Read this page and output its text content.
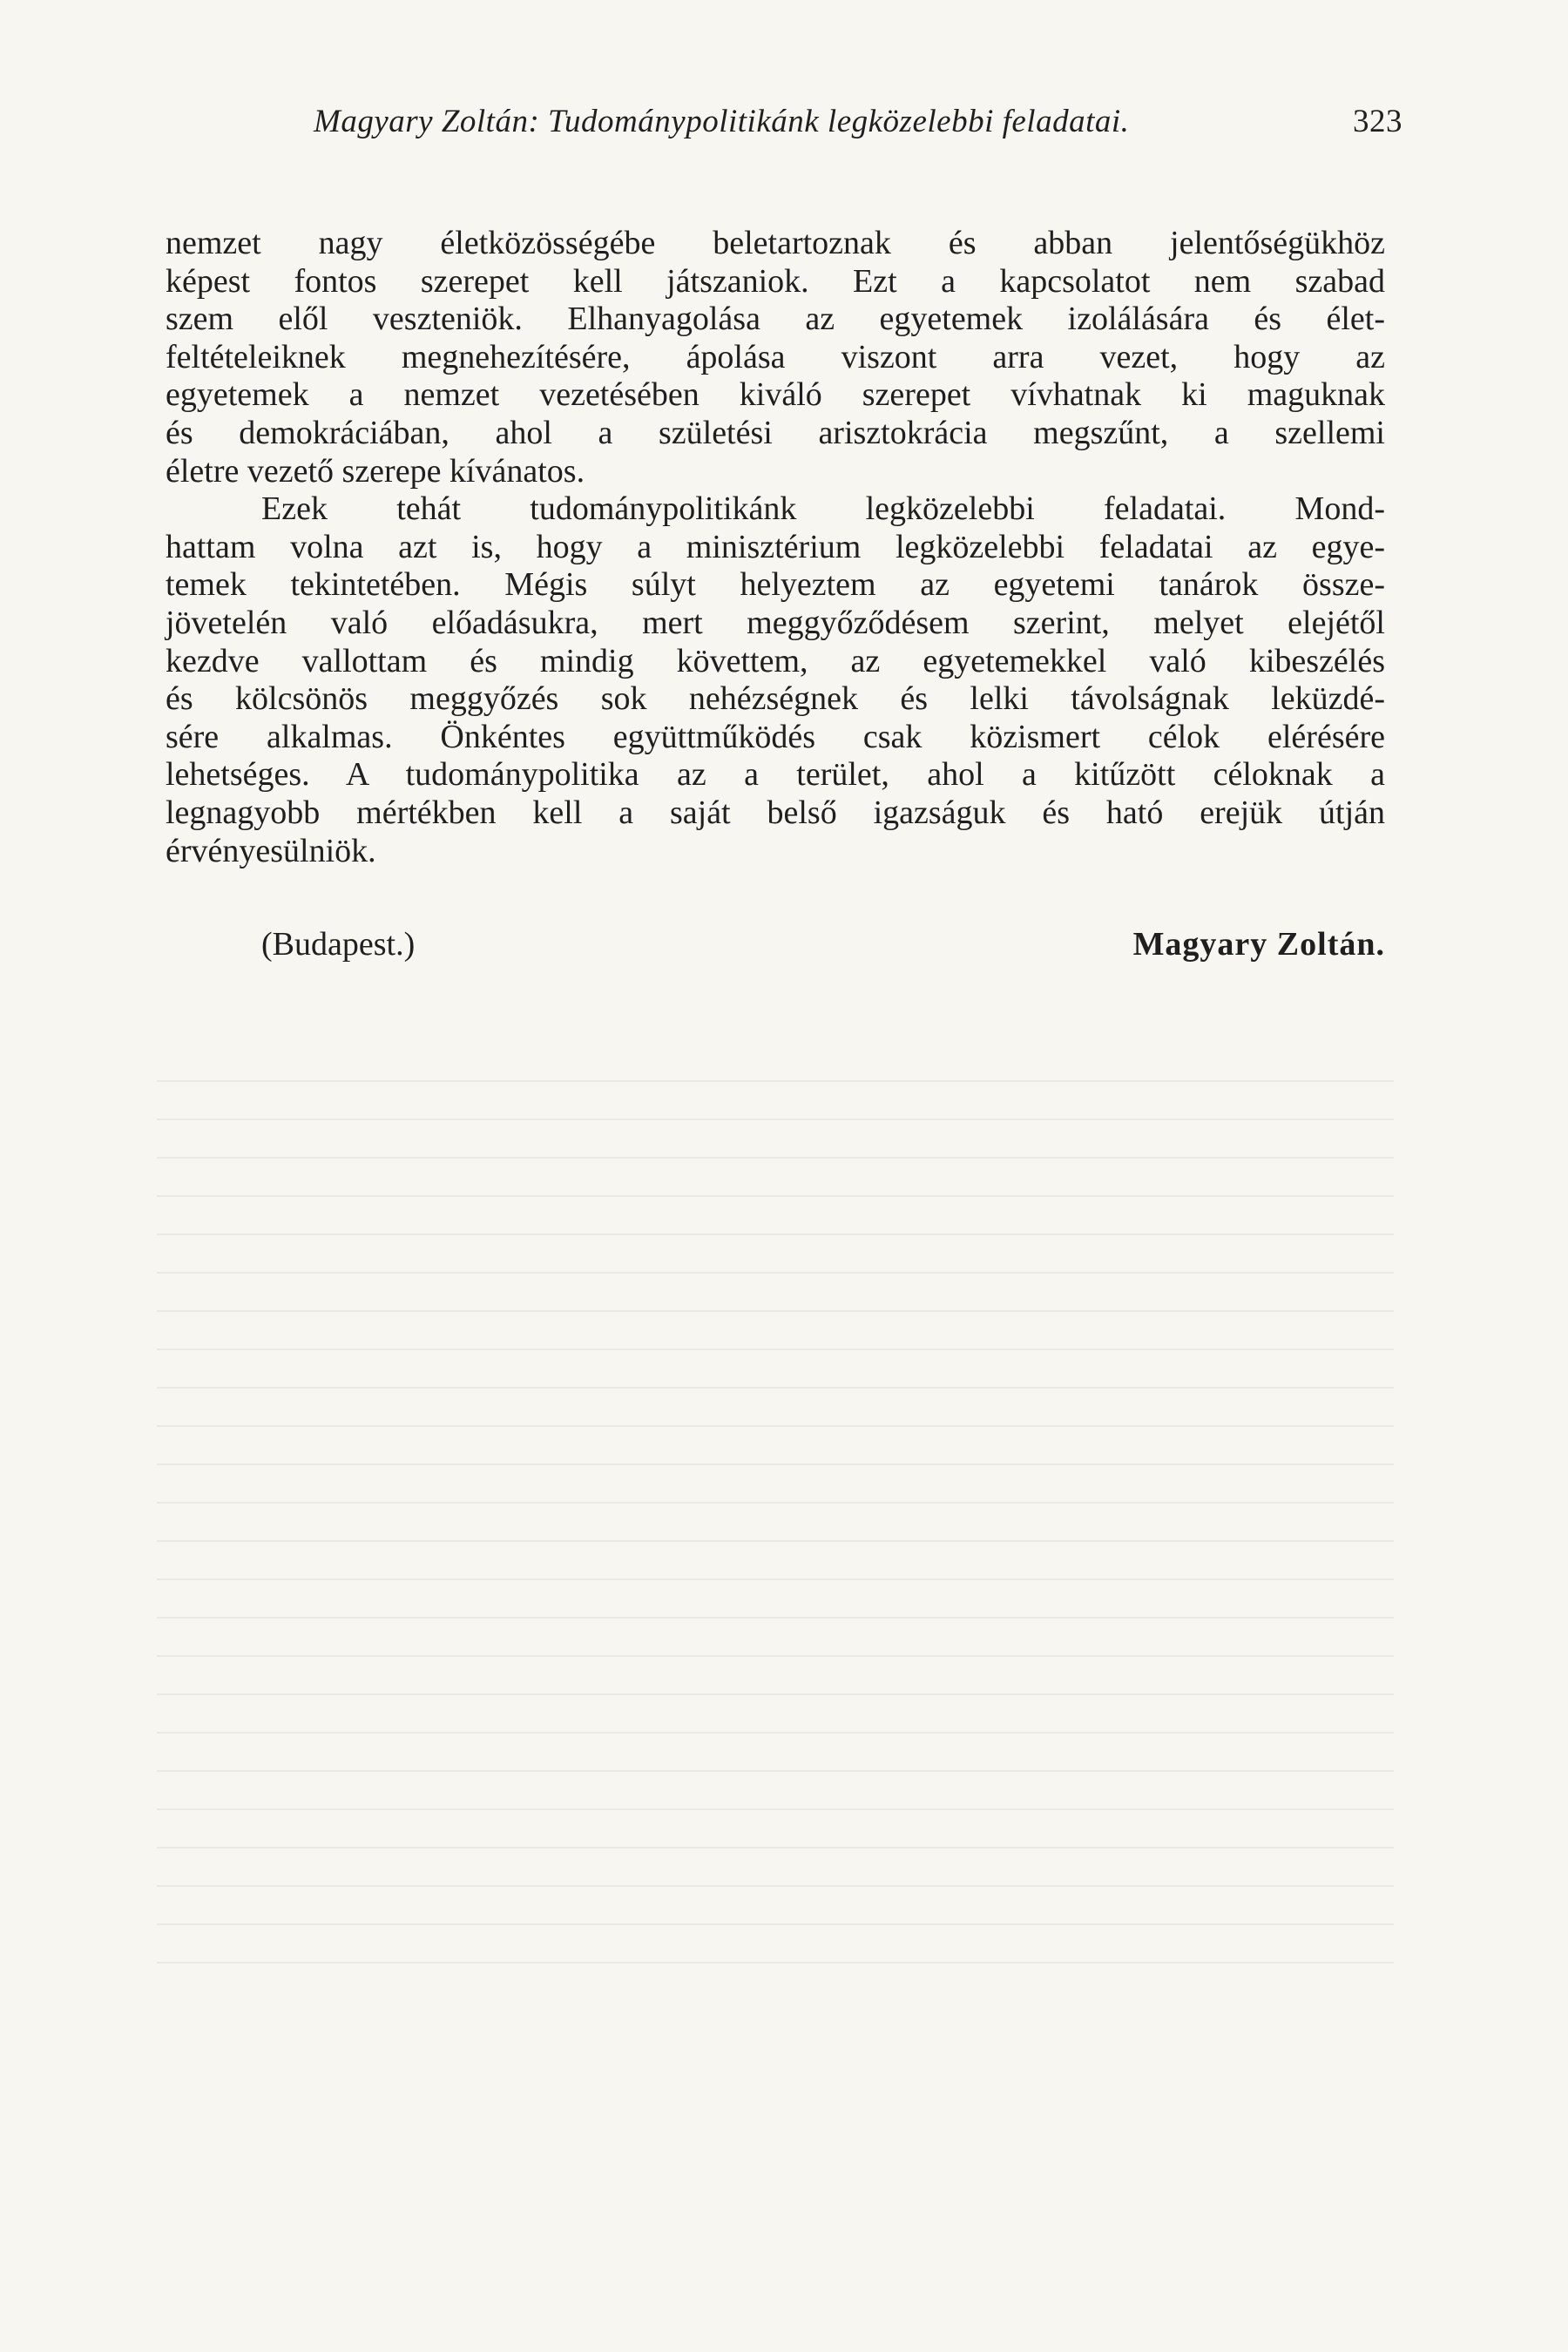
Magyary Zoltán: Tudománypolitikánk legközelebbi feladatai.	323
nemzet nagy életközösségébe beletartoznak és abban jelentőségükhöz
képest fontos szerepet kell játszaniok. Ezt a kapcsolatot nem szabad
szem elől veszteniök. Elhanyagolása az egyetemek izolálására és élet-
feltételeiknek megnehezítésére, ápolása viszont arra vezet, hogy az
egyetemek a nemzet vezetésében kiváló szerepet vívhatnak ki maguknak
és demokráciában, ahol a születési arisztokrácia megszűnt, a szellemi
életre vezető szerepe kívánatos.
Ezek tehát tudománypolitikánk legközelebbi feladatai. Mond-
hattam volna azt is, hogy a minisztérium legközelebbi feladatai az egye-
temek tekintetében. Mégis súlyt helyeztem az egyetemi tanárok össze-
jövetelén való előadásukra, mert meggyőződésem szerint, melyet elejétől
kezdve vallottam és mindig követtem, az egyetemekkel való kibeszélés
és kölcsönös meggyőzés sok nehézségnek és lelki távolságnak leküzdé-
sére alkalmas. Önkéntes együttműködés csak közismert célok elérésére
lehetséges. A tudománypolitika az a terület, ahol a kitűzött céloknak a
legnagyobb mértékben kell a saját belső igazságuk és ható erejük útján
érvényesülniök.
(Budapest.)	Magyary Zoltán.
